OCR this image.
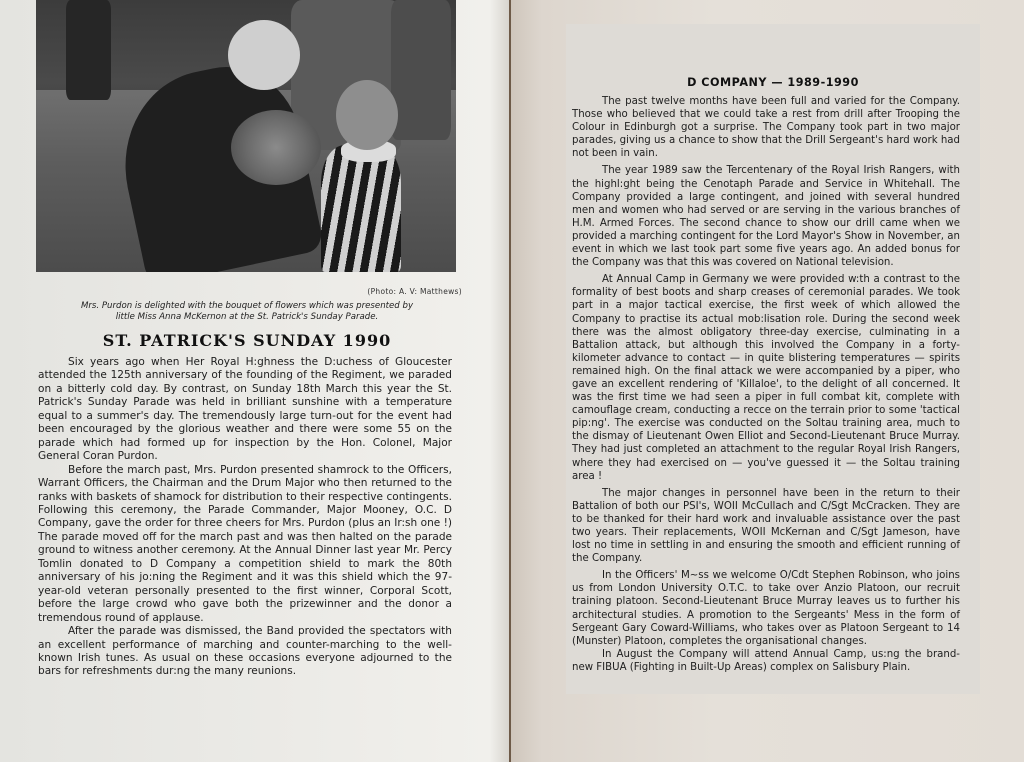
(Photo: A. V: Matthews)
Mrs. Purdon is delighted with the bouquet of flowers which was presented by
little Miss Anna McKernon at the St. Patrick's Sunday Parade.
ST. PATRICK'S SUNDAY 1990

Six years ago when Her Royal H:ghness the D:uchess of Gloucester attended the 125th anniversary of the founding of the Regiment, we paraded on a bitterly cold day. By contrast, on Sunday 18th March this year the St. Patrick's Sunday Parade was held in brilliant sunshine with a temperature equal to a summer's day. The tremendously large turn-out for the event had been encouraged by the glorious weather and there were some 55 on the parade which had formed up for inspection by the Hon. Colonel, Major General Coran Purdon.

Before the march past, Mrs. Purdon presented shamrock to the Officers, Warrant Officers, the Chairman and the Drum Major who then returned to the ranks with baskets of shamock for distribution to their respective contingents. Following this ceremony, the Parade Commander, Major Mooney, O.C. D Company, gave the order for three cheers for Mrs. Purdon (plus an Ir:sh one !) The parade moved off for the march past and was then halted on the parade ground to witness another ceremony. At the Annual Dinner last year Mr. Percy Tomlin donated to D Company a competition shield to mark the 80th anniversary of his jo:ning the Regiment and it was this shield which the 97-year-old veteran personally presented to the first winner, Corporal Scott, before the large crowd who gave both the prizewinner and the donor a tremendous round of applause.

After the parade was dismissed, the Band provided the spectators with an excellent performance of marching and counter-marching to the well-known Irish tunes. As usual on these occasions everyone adjourned to the bars for refreshments dur:ng the many reunions.

D COMPANY — 1989-1990

The past twelve months have been full and varied for the Company. Those who believed that we could take a rest from drill after Trooping the Colour in Edinburgh got a surprise. The Company took part in two major parades, giving us a chance to show that the Drill Sergeant's hard work had not been in vain.

The year 1989 saw the Tercentenary of the Royal Irish Rangers, with the highl:ght being the Cenotaph Parade and Service in Whitehall. The Company provided a large contingent, and joined with several hundred men and women who had served or are serving in the various branches of H.M. Armed Forces. The second chance to show our drill came when we provided a marching contingent for the Lord Mayor's Show in November, an event in which we last took part some five years ago. An added bonus for the Company was that this was covered on National television.

At Annual Camp in Germany we were provided w:th a contrast to the formality of best boots and sharp creases of ceremonial parades. We took part in a major tactical exercise, the first week of which allowed the Company to practise its actual mob:lisation role. During the second week there was the almost obligatory three-day exercise, culminating in a Battalion attack, but although this involved the Company in a forty-kilometer advance to contact — in quite blistering temperatures — spirits remained high. On the final attack we were accompanied by a piper, who gave an excellent rendering of 'Killaloe', to the delight of all concerned. It was the first time we had seen a piper in full combat kit, complete with camouflage cream, conducting a recce on the terrain prior to some 'tactical pip:ng'. The exercise was conducted on the Soltau training area, much to the dismay of Lieutenant Owen Elliot and Second-Lieutenant Bruce Murray. They had just completed an attachment to the regular Royal Irish Rangers, where they had exercised on — you've guessed it — the Soltau training area !

The major changes in personnel have been in the return to their Battalion of both our PSI's, WOII McCullach and C/Sgt McCracken. They are to be thanked for their hard work and invaluable assistance over the past two years. Their replacements, WOII McKernan and C/Sgt Jameson, have lost no time in settling in and ensuring the smooth and efficient running of the Company.

In the Officers' M~ss we welcome O/Cdt Stephen Robinson, who joins us from London University O.T.C. to take over Anzio Platoon, our recruit training platoon. Second-Lieutenant Bruce Murray leaves us to further his architectural studies. A promotion to the Sergeants' Mess in the form of Sergeant Gary Coward-Williams, who takes over as Platoon Sergeant to 14 (Munster) Platoon, completes the organisational changes.

In August the Company will attend Annual Camp, us:ng the brand-new FIBUA (Fighting in Built-Up Areas) complex on Salisbury Plain.
